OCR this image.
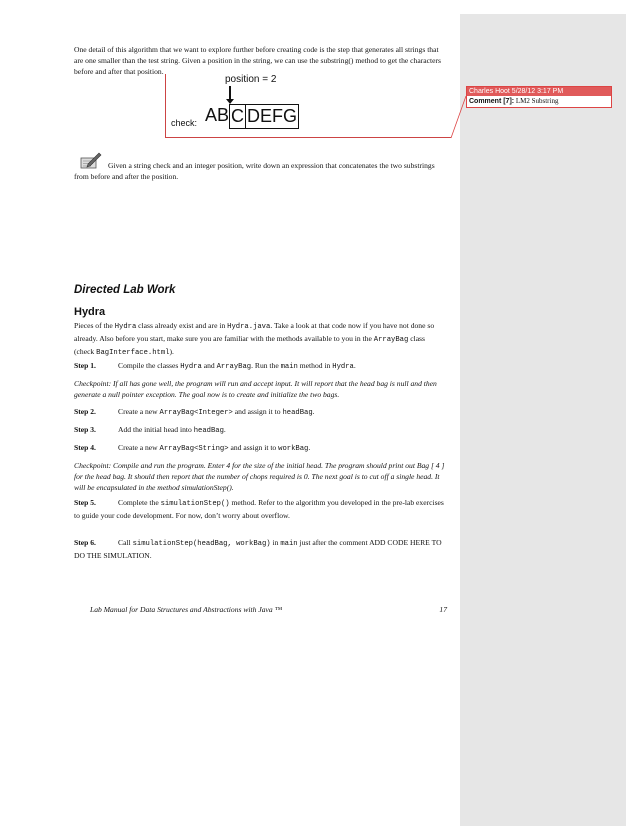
One detail of this algorithm that we want to explore further before creating code is the step that generates all strings that are one smaller than the test string. Given a position in the string, we can use the substring() method to get the characters before and after that position.
position = 2
check: AB C DEFG
Given a string check and an integer position, write down an expression that concatenates the two substrings from before and after the position.
Directed Lab Work
Hydra
Pieces of the Hydra class already exist and are in Hydra.java. Take a look at that code now if you have not done so already. Also before you start, make sure you are familiar with the methods available to you in the ArrayBag class (check BagInterface.html).
Step 1.	Compile the classes Hydra and ArrayBag. Run the main method in Hydra.
Checkpoint: If all has gone well, the program will run and accept input. It will report that the head bag is null and then generate a null pointer exception. The goal now is to create and initialize the two bags.
Step 2.	Create a new ArrayBag<Integer> and assign it to headBag.
Step 3.	Add the initial head into headBag.
Step 4.	Create a new ArrayBag<String> and assign it to workBag.
Checkpoint: Compile and run the program. Enter 4 for the size of the initial head. The program should print out Bag [ 4 ] for the head bag. It should then report that the number of chops required is 0. The next goal is to cut off a single head. It will be encapsulated in the method simulationStep().
Step 5.	Complete the simulationStep() method. Refer to the algorithm you developed in the pre-lab exercises to guide your code development. For now, don’t worry about overflow.
Step 6.	Call simulationStep(headBag, workBag) in main just after the comment ADD CODE HERE TO DO THE SIMULATION.
Lab Manual for Data Structures and Abstractions with Java ™	17
Charles Hoot 5/28/12 3:17 PM
Comment [7]: LM2 Substring
